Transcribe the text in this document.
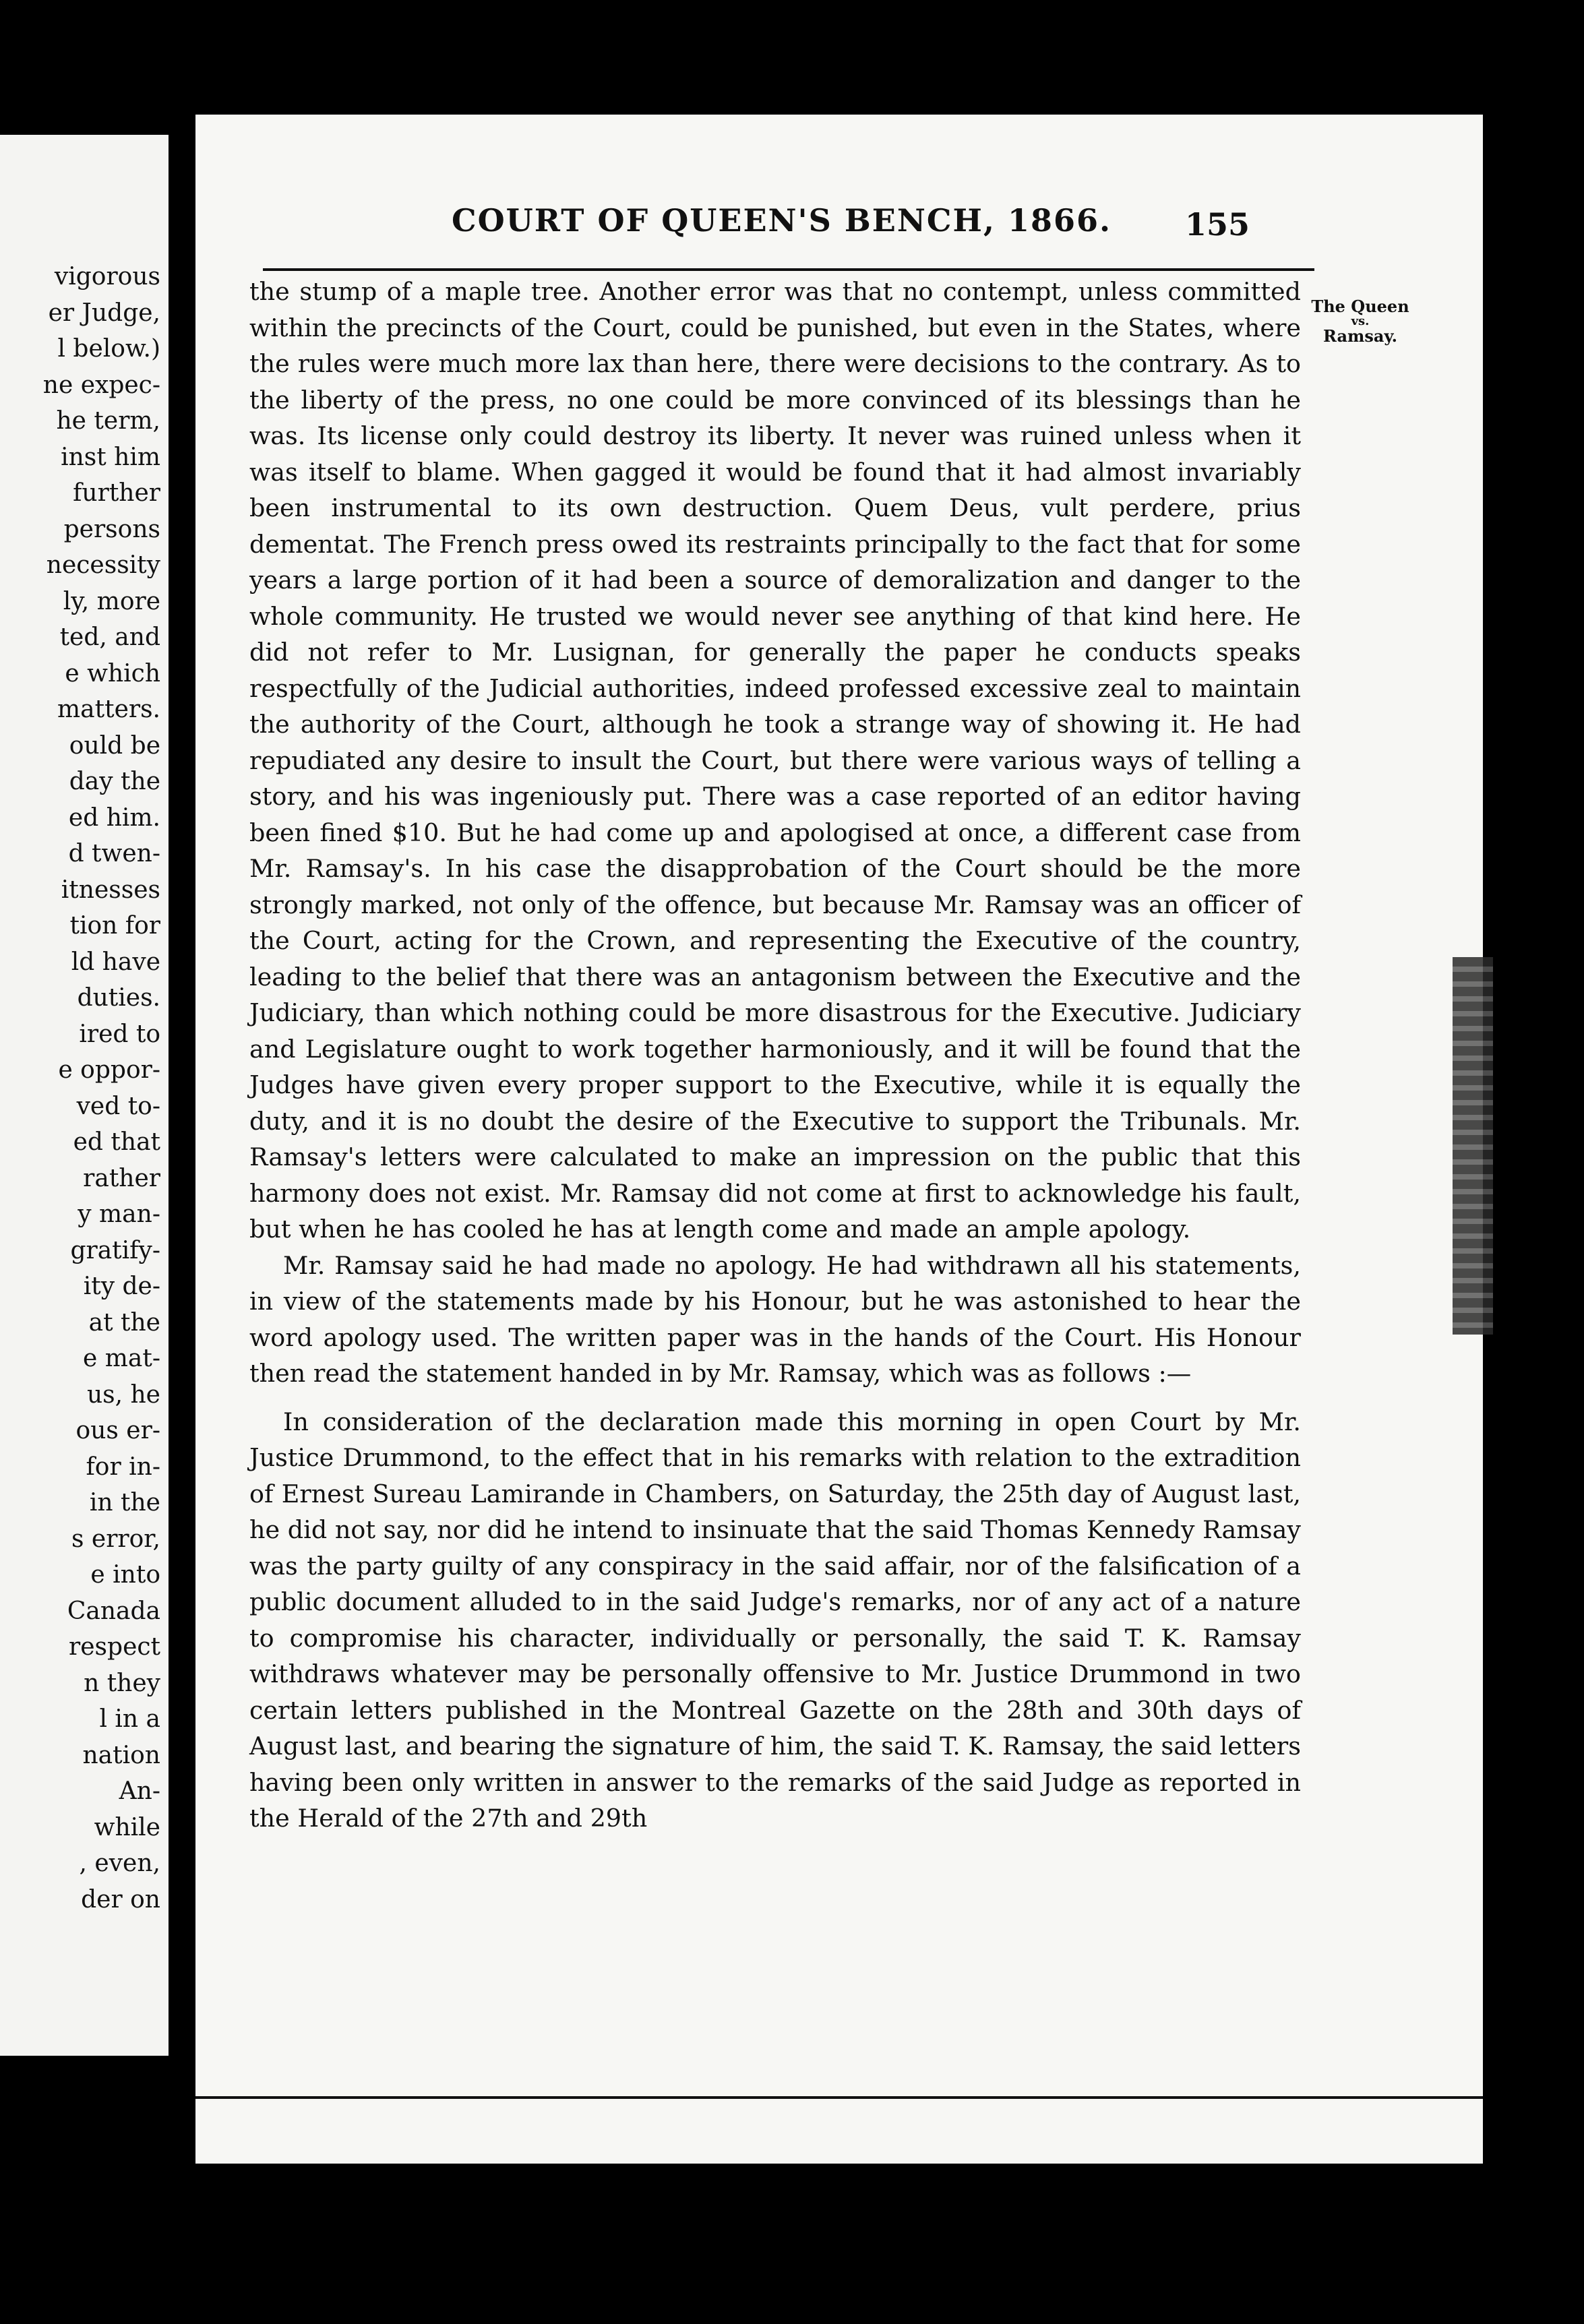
vigorous
er Judge,
l below.)
ne expec-
he term,
inst him
further
persons
necessity
ly, more
ted, and
e which
matters.
ould be
day the
ed him.
d twen-
itnesses
tion for
ld have
duties.
ired to
e oppor-
ved to-
ed that
rather
y man-
gratify-
ity de-
at the
e mat-
us, he
ous er-
for in-
in the
s error,
e into
Canada
respect
n they
l in a
nation
An-
while
, even,
der on
COURT OF QUEEN'S BENCH, 1866. 155
The Queen
vs.
Ramsay.

the stump of a maple tree. Another error was that no contempt, unless committed within the precincts of the Court, could be punished, but even in the States, where the rules were much more lax than here, there were decisions to the contrary. As to the liberty of the press, no one could be more convinced of its blessings than he was. Its license only could destroy its liberty. It never was ruined unless when it was itself to blame. When gagged it would be found that it had almost invariably been instrumental to its own destruction. Quem Deus, vult perdere, prius dementat. The French press owed its restraints principally to the fact that for some years a large portion of it had been a source of demoralization and danger to the whole community. He trusted we would never see anything of that kind here. He did not refer to Mr. Lusignan, for generally the paper he conducts speaks respectfully of the Judicial authorities, indeed professed excessive zeal to maintain the authority of the Court, although he took a strange way of showing it. He had repudiated any desire to insult the Court, but there were various ways of telling a story, and his was ingeniously put. There was a case reported of an editor having been fined $10. But he had come up and apologised at once, a different case from Mr. Ramsay's. In his case the disapprobation of the Court should be the more strongly marked, not only of the offence, but because Mr. Ramsay was an officer of the Court, acting for the Crown, and representing the Executive of the country, leading to the belief that there was an antagonism between the Executive and the Judiciary, than which nothing could be more disastrous for the Executive. Judiciary and Legislature ought to work together harmoniously, and it will be found that the Judges have given every proper support to the Executive, while it is equally the duty, and it is no doubt the desire of the Executive to support the Tribunals. Mr. Ramsay's letters were calculated to make an impression on the public that this harmony does not exist. Mr. Ramsay did not come at first to acknowledge his fault, but when he has cooled he has at length come and made an ample apology.

Mr. Ramsay said he had made no apology. He had withdrawn all his statements, in view of the statements made by his Honour, but he was astonished to hear the word apology used. The written paper was in the hands of the Court. His Honour then read the statement handed in by Mr. Ramsay, which was as follows :—

In consideration of the declaration made this morning in open Court by Mr. Justice Drummond, to the effect that in his remarks with relation to the extradition of Ernest Sureau Lamirande in Chambers, on Saturday, the 25th day of August last, he did not say, nor did he intend to insinuate that the said Thomas Kennedy Ramsay was the party guilty of any conspiracy in the said affair, nor of the falsification of a public document alluded to in the said Judge's remarks, nor of any act of a nature to compromise his character, individually or personally, the said T. K. Ramsay withdraws whatever may be personally offensive to Mr. Justice Drummond in two certain letters published in the Montreal Gazette on the 28th and 30th days of August last, and bearing the signature of him, the said T. K. Ramsay, the said letters having been only written in answer to the remarks of the said Judge as reported in the Herald of the 27th and 29th
